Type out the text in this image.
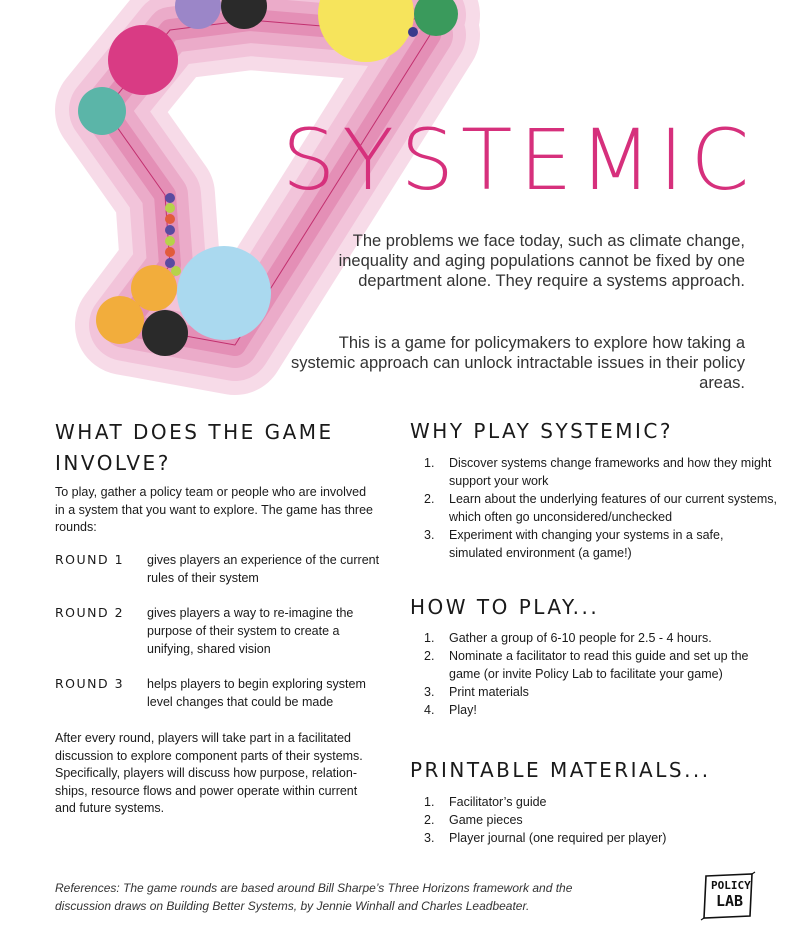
SYSTEMIC

The problems we face today, such as climate change, inequality and aging populations cannot be fixed by one department alone. They require a systems approach.

This is a game for policymakers to explore how taking a systemic approach can unlock intractable issues in their policy areas.

WHAT DOES THE GAME INVOLVE?

To play, gather a policy team or people who are involved in a system that you want to explore. The game has three rounds:

ROUND 1	gives players an experience of the current rules of their system
ROUND 2	gives players a way to re-imagine the purpose of their system to create a unifying, shared vision
ROUND 3	helps players to begin exploring system level changes that could be made

After every round, players will take part in a facilitated discussion to explore component parts of their systems. Specifically, players will discuss how purpose, relationships, resource flows and power operate within current and future systems.

WHY PLAY SYSTEMIC?
1. Discover systems change frameworks and how they might support your work
2. Learn about the underlying features of our current systems, which often go unconsidered/unchecked
3. Experiment with changing your systems in a safe, simulated environment (a game!)
HOW TO PLAY...
1. Gather a group of 6-10 people for 2.5 - 4 hours.
2. Nominate a facilitator to read this guide and set up the game (or invite Policy Lab to facilitate your game)
3. Print materials
4. Play!
PRINTABLE MATERIALS...
1. Facilitator’s guide
2. Game pieces
3. Player journal (one required per player)

References: The game rounds are based around Bill Sharpe’s Three Horizons framework and the discussion draws on Building Better Systems, by Jennie Winhall and Charles Leadbeater.

POLICY
LAB
